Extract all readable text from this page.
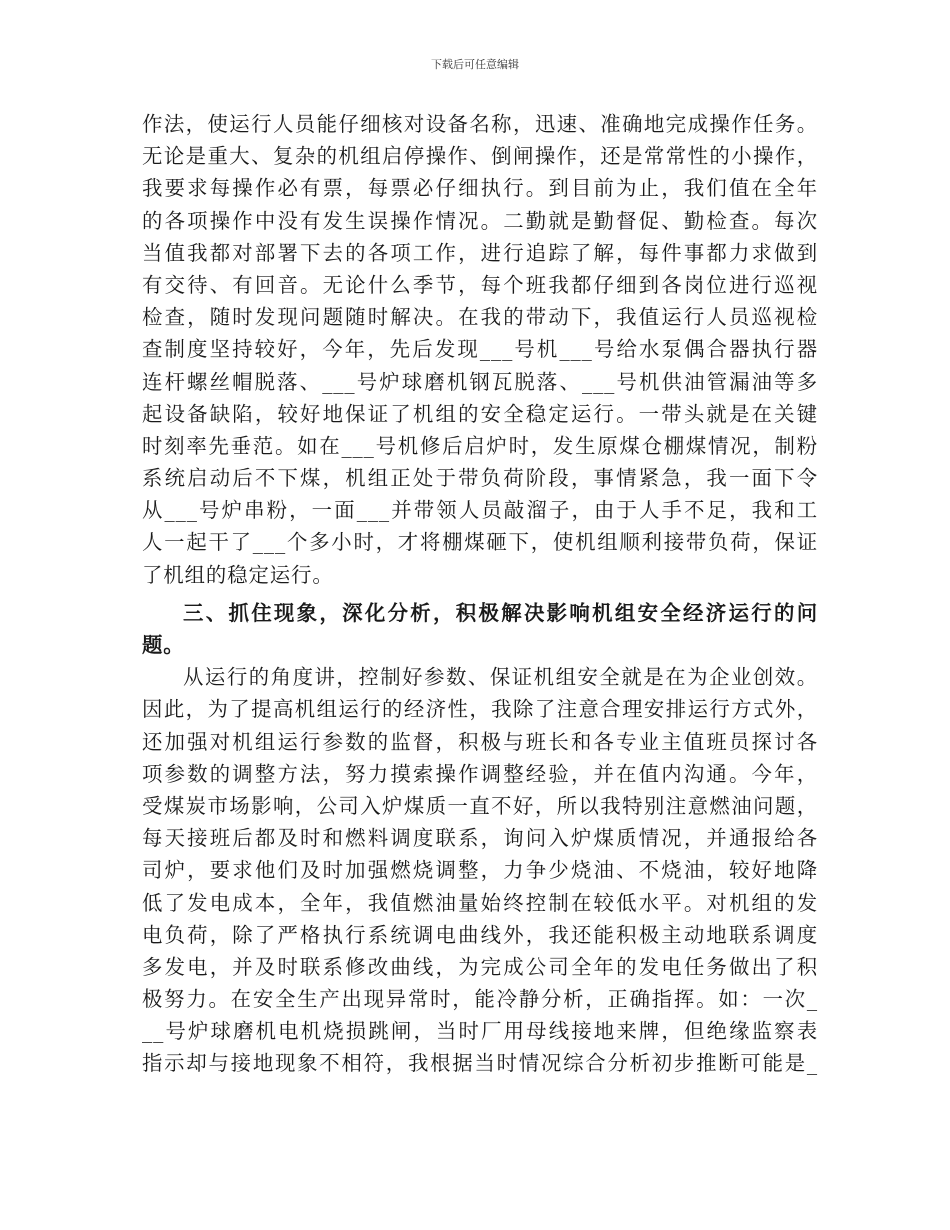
下载后可任意编辑
作法，使运行人员能仔细核对设备名称，迅速、准确地完成操作任务。
无论是重大、复杂的机组启停操作、倒闸操作，还是常常性的小操作，
我要求每操作必有票，每票必仔细执行。到目前为止，我们值在全年
的各项操作中没有发生误操作情况。二勤就是勤督促、勤检查。每次
当值我都对部署下去的各项工作，进行追踪了解，每件事都力求做到
有交待、有回音。无论什么季节，每个班我都仔细到各岗位进行巡视
检查，随时发现问题随时解决。在我的带动下，我值运行人员巡视检
查制度坚持较好，今年，先后发现___号机___号给水泵偶合器执行器
连杆螺丝帽脱落、___号炉球磨机钢瓦脱落、___号机供油管漏油等多
起设备缺陷，较好地保证了机组的安全稳定运行。一带头就是在关键
时刻率先垂范。如在___号机修后启炉时，发生原煤仓棚煤情况，制粉
系统启动后不下煤，机组正处于带负荷阶段，事情紧急，我一面下令
从___号炉串粉，一面___并带领人员敲溜子，由于人手不足，我和工
人一起干了___个多小时，才将棚煤砸下，使机组顺利接带负荷，保证
了机组的稳定运行。
三、抓住现象，深化分析，积极解决影响机组安全经济运行的问
题。
从运行的角度讲，控制好参数、保证机组安全就是在为企业创效。
因此，为了提高机组运行的经济性，我除了注意合理安排运行方式外，
还加强对机组运行参数的监督，积极与班长和各专业主值班员探讨各
项参数的调整方法，努力摸索操作调整经验，并在值内沟通。今年，
受煤炭市场影响，公司入炉煤质一直不好，所以我特别注意燃油问题，
每天接班后都及时和燃料调度联系，询问入炉煤质情况，并通报给各
司炉，要求他们及时加强燃烧调整，力争少烧油、不烧油，较好地降
低了发电成本，全年，我值燃油量始终控制在较低水平。对机组的发
电负荷，除了严格执行系统调电曲线外，我还能积极主动地联系调度
多发电，并及时联系修改曲线，为完成公司全年的发电任务做出了积
极努力。在安全生产出现异常时，能冷静分析，正确指挥。如：一次_
__号炉球磨机电机烧损跳闸，当时厂用母线接地来牌，但绝缘监察表
指示却与接地现象不相符，我根据当时情况综合分析初步推断可能是_
